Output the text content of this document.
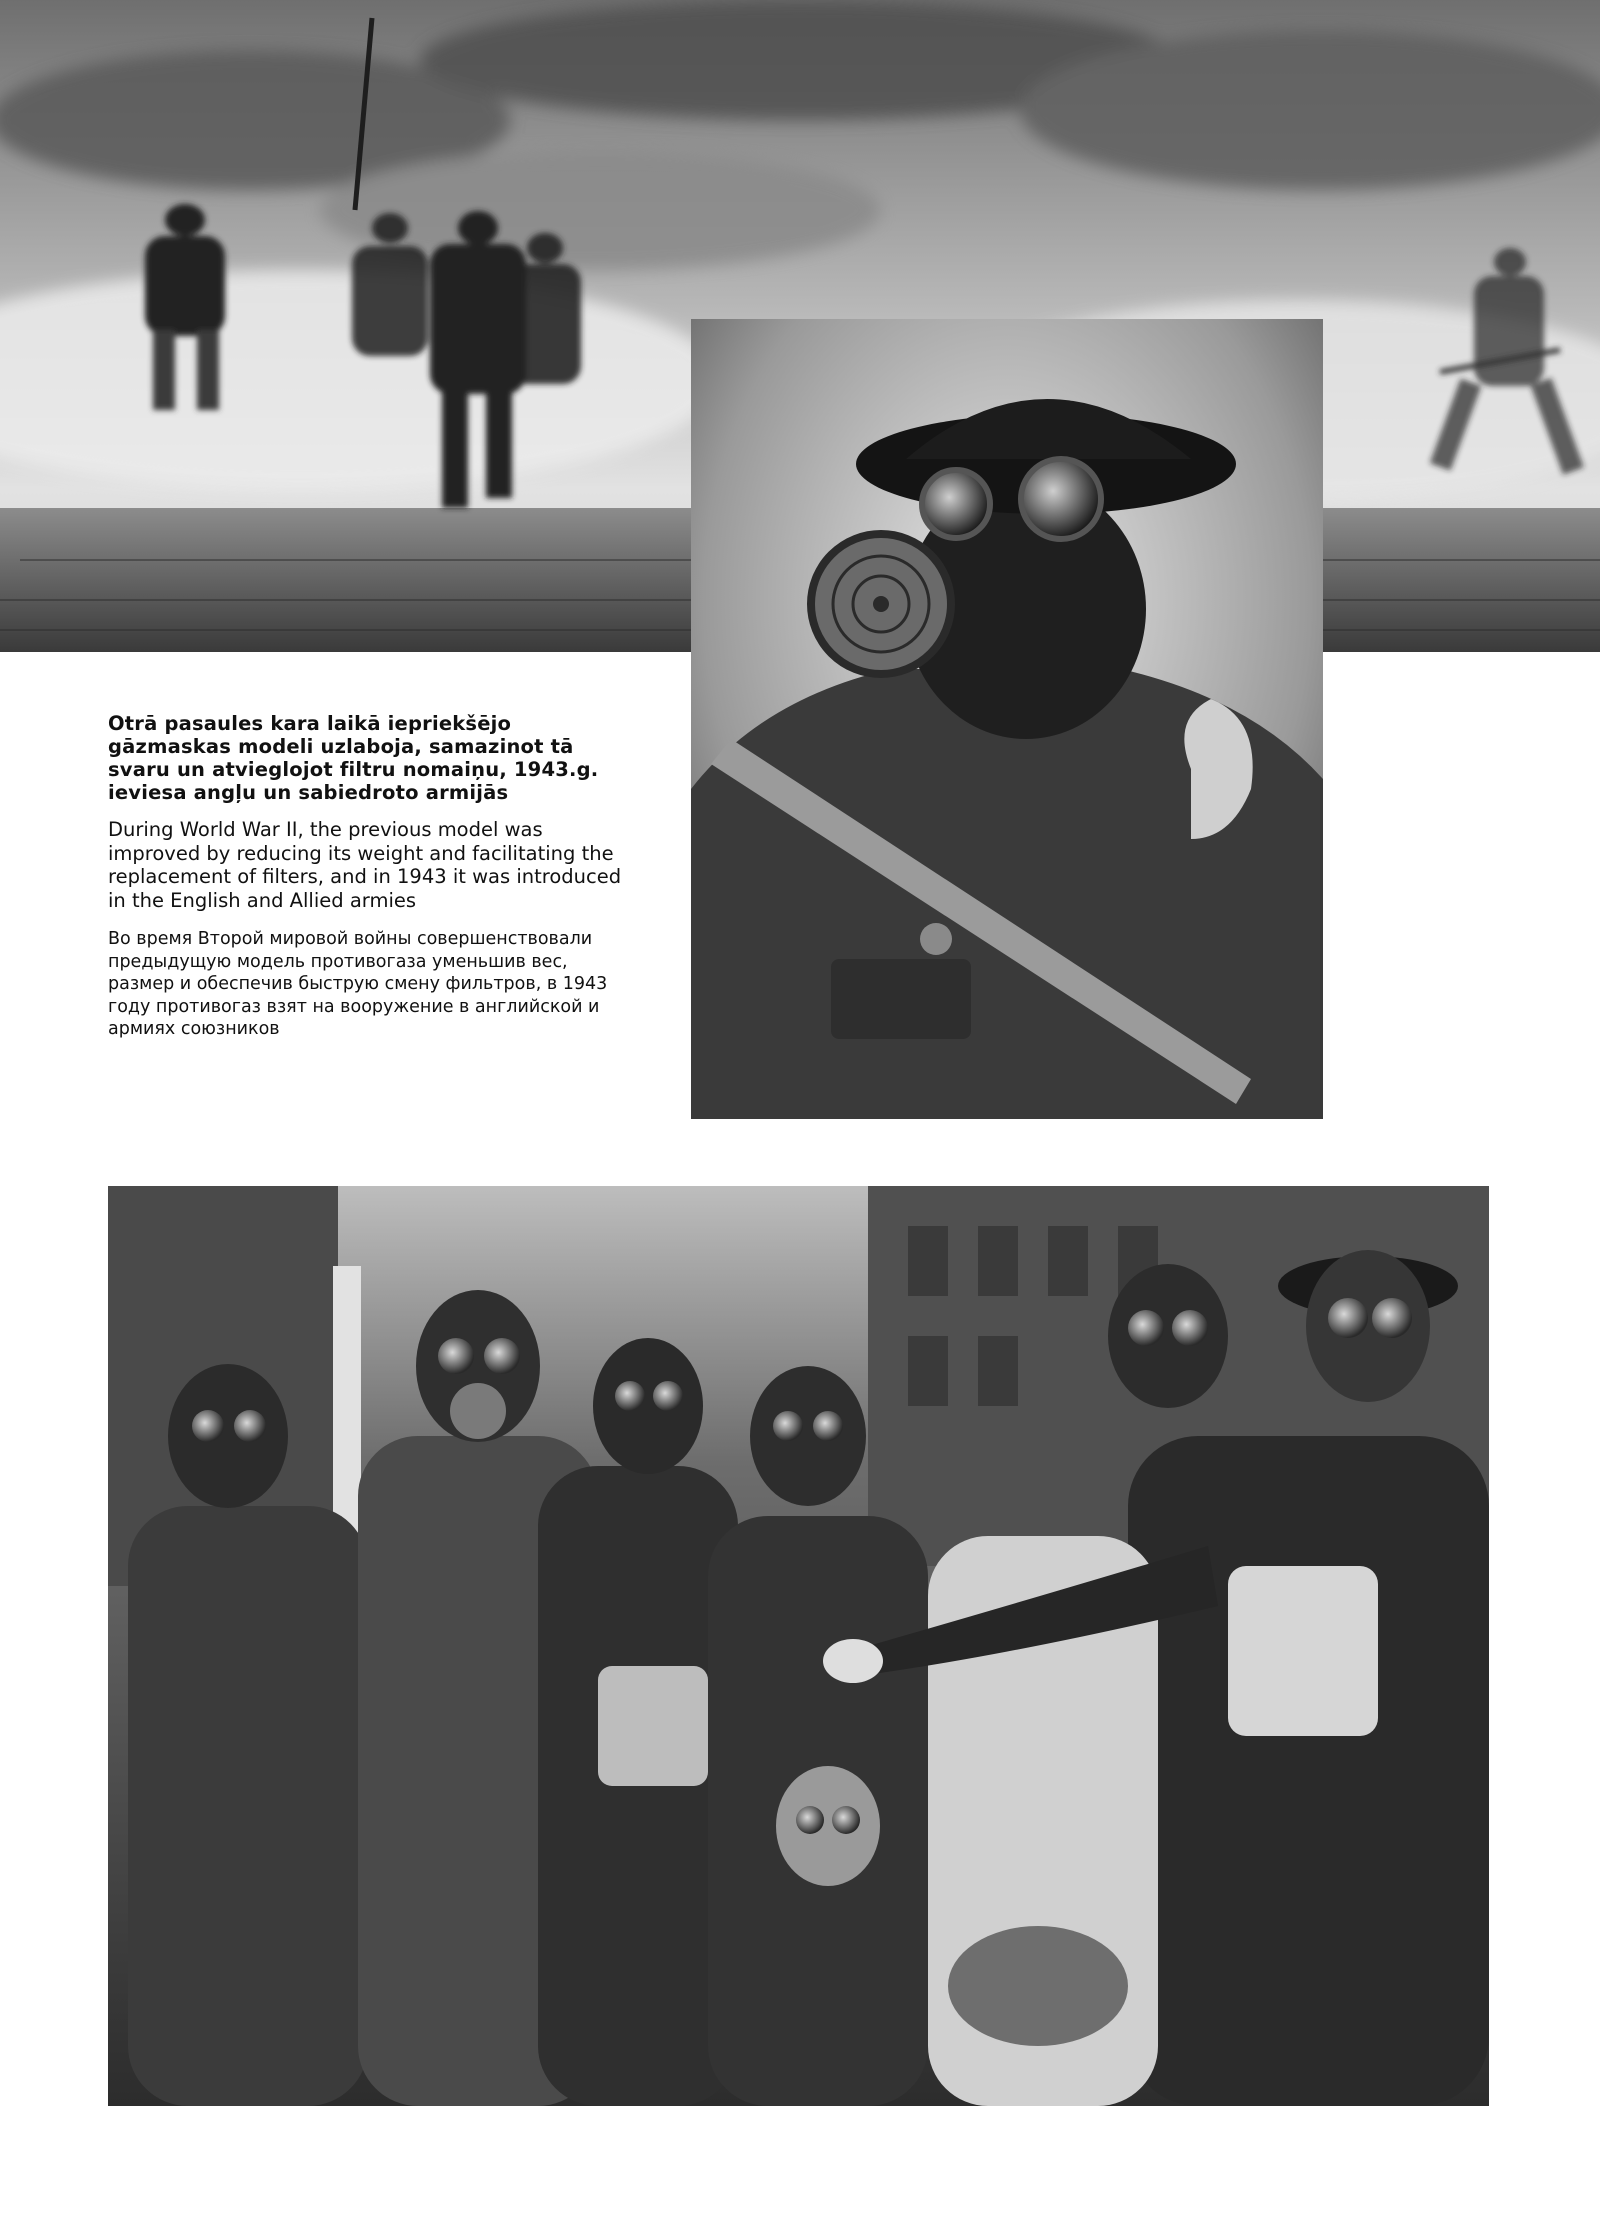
Otrā pasaules kara laikā iepriekšējo gāzmaskas modeli uzlaboja, samazinot tā svaru un atvieglojot filtru nomaiņu, 1943.g. ieviesa angļu un sabiedroto armijās

During World War II, the previous model was improved by reducing its weight and facilitating the replacement of filters, and in 1943 it was introduced in the English and Allied armies

Во время Второй мировой войны совершенствовали предыдущую модель противогаза уменьшив вес, размер и обеспечив быструю смену фильтров, в 1943 году противогаз взят на вооружение в английской и армиях союзников
